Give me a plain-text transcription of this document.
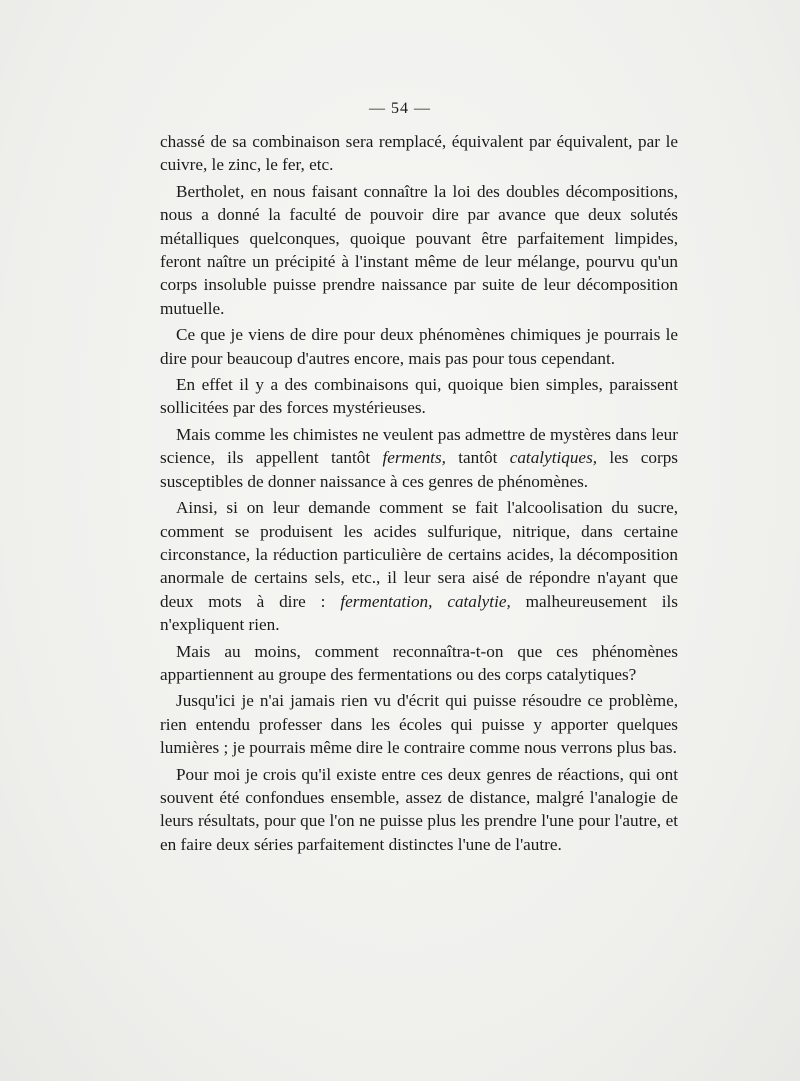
— 54 —

chassé de sa combinaison sera remplacé, équivalent par équivalent, par le cuivre, le zinc, le fer, etc.

Bertholet, en nous faisant connaître la loi des doubles décompositions, nous a donné la faculté de pouvoir dire par avance que deux solutés métalliques quelconques, quoique pouvant être parfaitement limpides, feront naître un précipité à l'instant même de leur mélange, pourvu qu'un corps insoluble puisse prendre naissance par suite de leur décomposition mutuelle.

Ce que je viens de dire pour deux phénomènes chimiques je pourrais le dire pour beaucoup d'autres encore, mais pas pour tous cependant.

En effet il y a des combinaisons qui, quoique bien simples, paraissent sollicitées par des forces mystérieuses.

Mais comme les chimistes ne veulent pas admettre de mystères dans leur science, ils appellent tantôt ferments, tantôt catalytiques, les corps susceptibles de donner naissance à ces genres de phénomènes.

Ainsi, si on leur demande comment se fait l'alcoolisation du sucre, comment se produisent les acides sulfurique, nitrique, dans certaine circonstance, la réduction particulière de certains acides, la décomposition anormale de certains sels, etc., il leur sera aisé de répondre n'ayant que deux mots à dire : fermentation, catalytie, malheureusement ils n'expliquent rien.

Mais au moins, comment reconnaîtra-t-on que ces phénomènes appartiennent au groupe des fermentations ou des corps catalytiques?

Jusqu'ici je n'ai jamais rien vu d'écrit qui puisse résoudre ce problème, rien entendu professer dans les écoles qui puisse y apporter quelques lumières ; je pourrais même dire le contraire comme nous verrons plus bas.

Pour moi je crois qu'il existe entre ces deux genres de réactions, qui ont souvent été confondues ensemble, assez de distance, malgré l'analogie de leurs résultats, pour que l'on ne puisse plus les prendre l'une pour l'autre, et en faire deux séries parfaitement distinctes l'une de l'autre.
